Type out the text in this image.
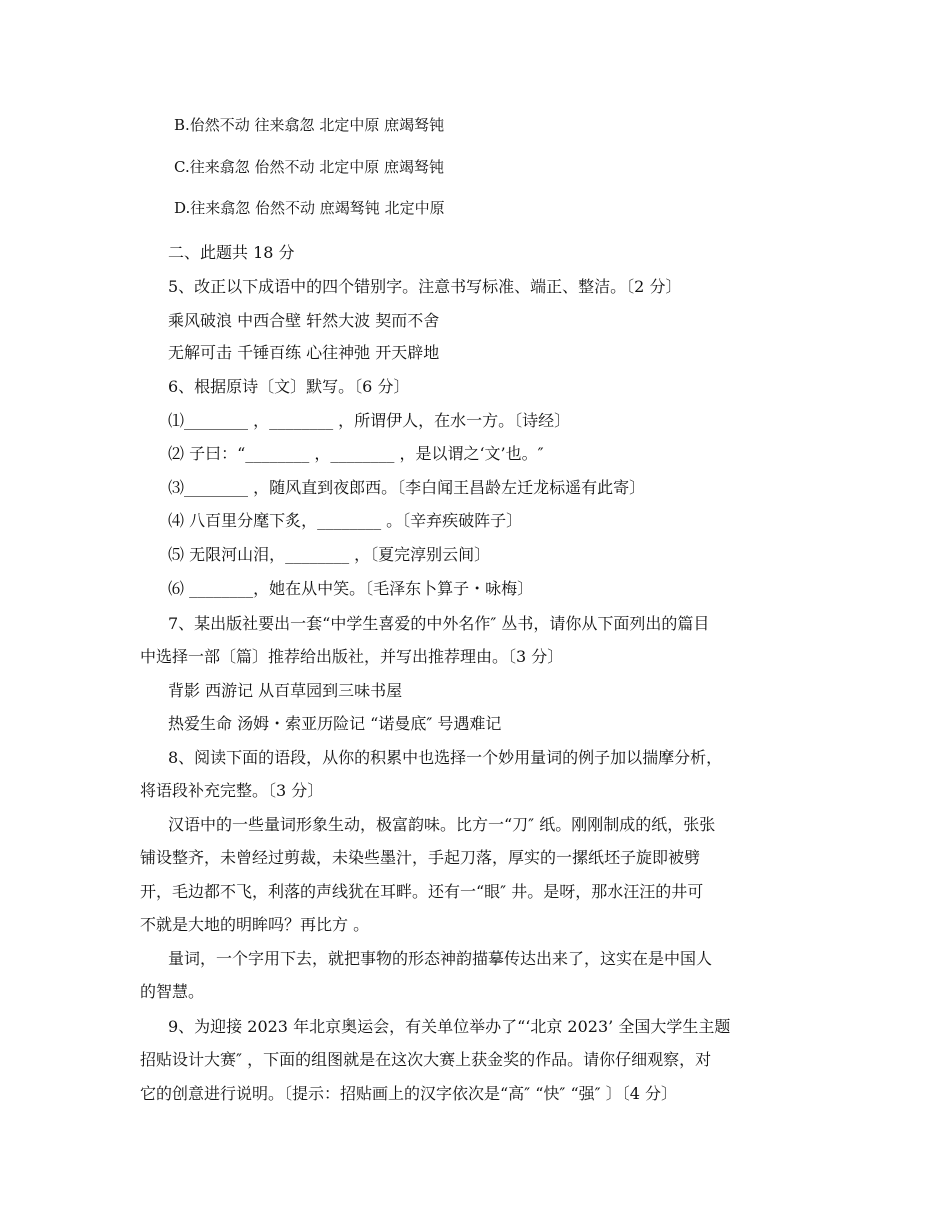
B.佁然不动 往来翕忽 北定中原 庶竭驽钝
C.往来翕忽 佁然不动 北定中原 庶竭驽钝
D.往来翕忽 佁然不动 庶竭驽钝 北定中原
二、此题共 18 分
5、改正以下成语中的四个错别字。注意书写标准、端正、整洁。〔2 分〕
乘风破浪 中西合壁 轩然大波 契而不舍
无解可击 千锤百练 心往神弛 开天辟地
6、根据原诗〔文〕默写。〔6 分〕
⑴________ ，________ ，所谓伊人，在水一方。〔诗经〕
⑵ 子曰：“________ ，________ ，是以谓之‘文’也。″
⑶________ ，随风直到夜郎西。〔李白闻王昌龄左迁龙标遥有此寄〕
⑷ 八百里分麾下炙，________ 。〔辛弃疾破阵子〕
⑸ 无限河山泪，________ ，〔夏完淳别云间〕
⑹ ________，她在从中笑。〔毛泽东卜算子・咏梅〕
7、某出版社要出一套“中学生喜爱的中外名作″ 丛书，请你从下面列出的篇目
中选择一部〔篇〕推荐给出版社，并写出推荐理由。〔3 分〕
背影 西游记 从百草园到三味书屋
热爱生命 汤姆・索亚历险记 “诺曼底″ 号遇难记
8、阅读下面的语段，从你的积累中也选择一个妙用量词的例子加以揣摩分析，
将语段补充完整。〔3 分〕
汉语中的一些量词形象生动，极富韵味。比方一“刀″ 纸。刚刚制成的纸，张张
铺设整齐，未曾经过剪裁，未染些墨汁，手起刀落，厚实的一摞纸坯子旋即被劈
开，毛边都不飞，利落的声线犹在耳畔。还有一“眼″ 井。是呀，那水汪汪的井可
不就是大地的明眸吗？再比方 。
量词，一个字用下去，就把事物的形态神韵描摹传达出来了，这实在是中国人
的智慧。
9、为迎接 2023 年北京奥运会，有关单位举办了“‘北京 2023’ 全国大学生主题
招贴设计大赛″ ，下面的组图就是在这次大赛上获金奖的作品。请你仔细观察，对
它的创意进行说明。〔提示：招贴画上的汉字依次是“高″ “快″ “强″ 〕〔4 分〕
